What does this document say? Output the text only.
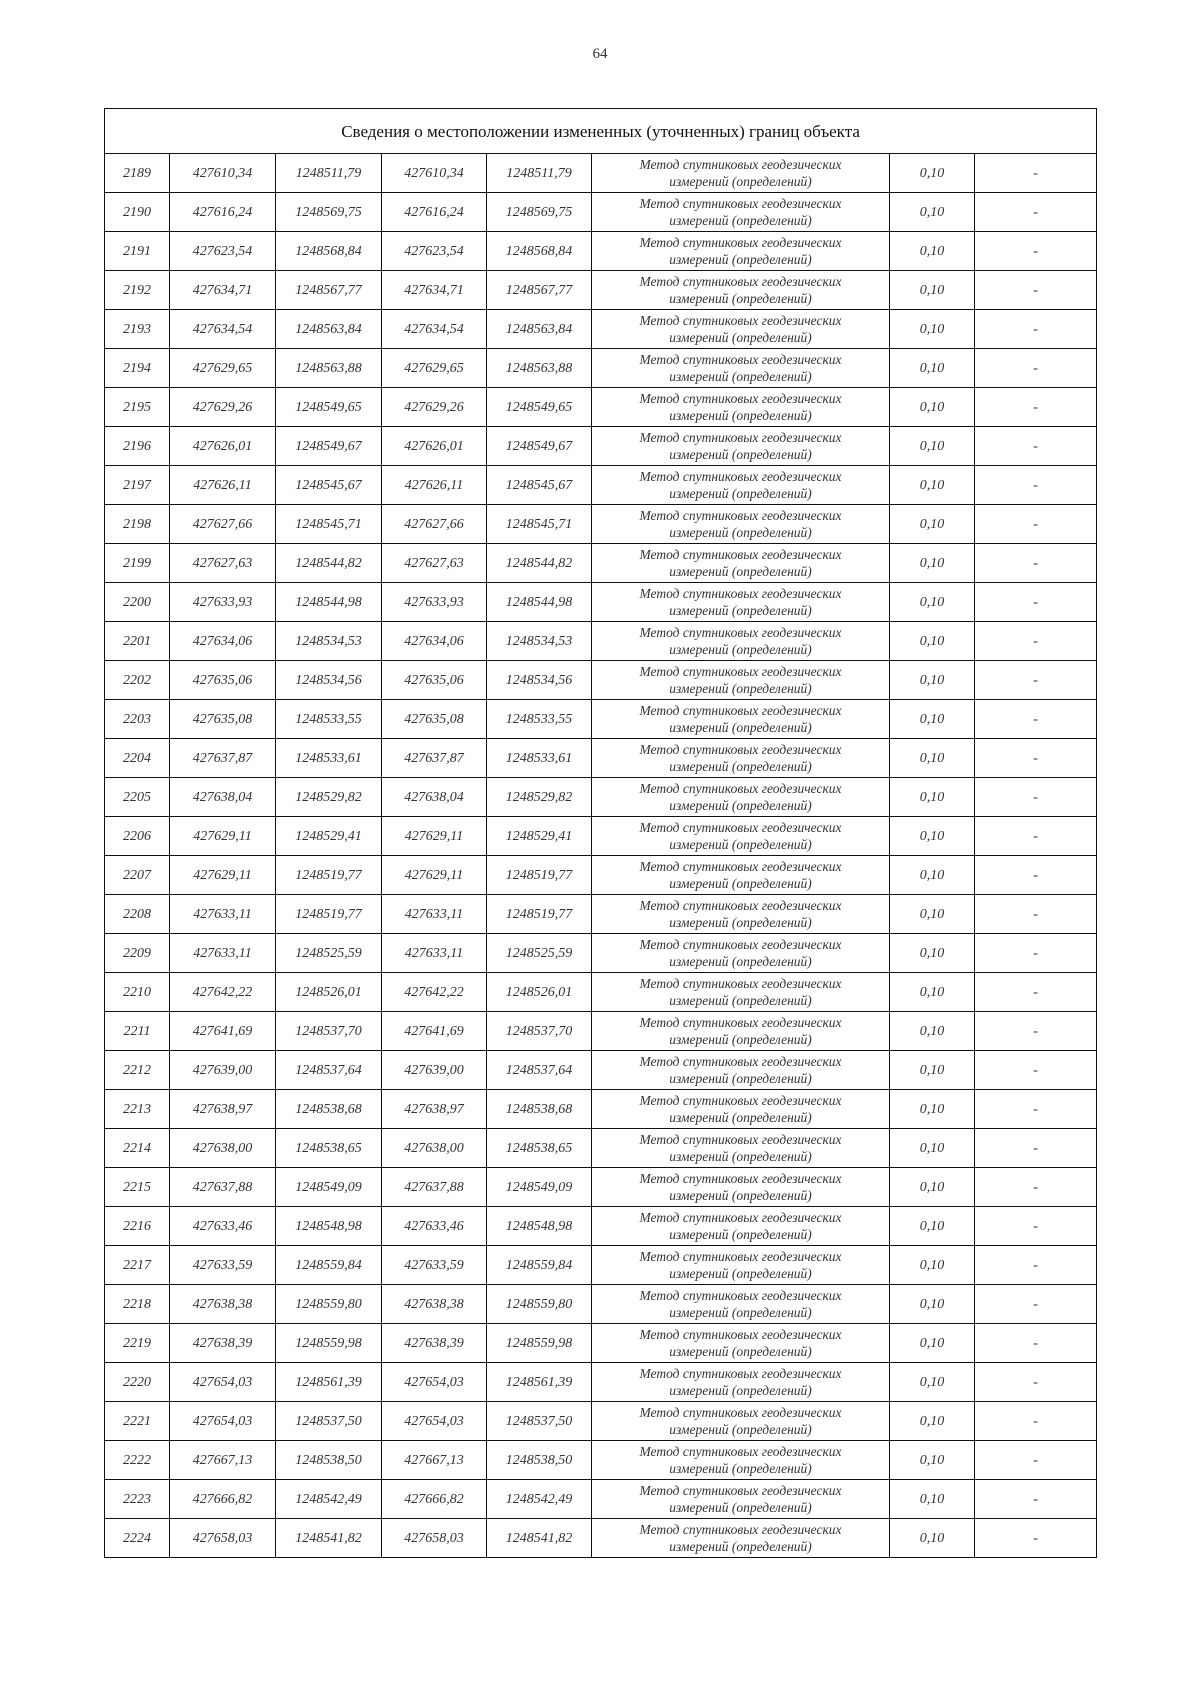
64
Сведения о местоположении измененных (уточненных) границ объекта							
2189	427610,34	1248511,79	427610,34	1248511,79	Метод спутниковых геодезических
измерений (определений)	0,10	-
2190	427616,24	1248569,75	427616,24	1248569,75	Метод спутниковых геодезических
измерений (определений)	0,10	-
2191	427623,54	1248568,84	427623,54	1248568,84	Метод спутниковых геодезических
измерений (определений)	0,10	-
2192	427634,71	1248567,77	427634,71	1248567,77	Метод спутниковых геодезических
измерений (определений)	0,10	-
2193	427634,54	1248563,84	427634,54	1248563,84	Метод спутниковых геодезических
измерений (определений)	0,10	-
2194	427629,65	1248563,88	427629,65	1248563,88	Метод спутниковых геодезических
измерений (определений)	0,10	-
2195	427629,26	1248549,65	427629,26	1248549,65	Метод спутниковых геодезических
измерений (определений)	0,10	-
2196	427626,01	1248549,67	427626,01	1248549,67	Метод спутниковых геодезических
измерений (определений)	0,10	-
2197	427626,11	1248545,67	427626,11	1248545,67	Метод спутниковых геодезических
измерений (определений)	0,10	-
2198	427627,66	1248545,71	427627,66	1248545,71	Метод спутниковых геодезических
измерений (определений)	0,10	-
2199	427627,63	1248544,82	427627,63	1248544,82	Метод спутниковых геодезических
измерений (определений)	0,10	-
2200	427633,93	1248544,98	427633,93	1248544,98	Метод спутниковых геодезических
измерений (определений)	0,10	-
2201	427634,06	1248534,53	427634,06	1248534,53	Метод спутниковых геодезических
измерений (определений)	0,10	-
2202	427635,06	1248534,56	427635,06	1248534,56	Метод спутниковых геодезических
измерений (определений)	0,10	-
2203	427635,08	1248533,55	427635,08	1248533,55	Метод спутниковых геодезических
измерений (определений)	0,10	-
2204	427637,87	1248533,61	427637,87	1248533,61	Метод спутниковых геодезических
измерений (определений)	0,10	-
2205	427638,04	1248529,82	427638,04	1248529,82	Метод спутниковых геодезических
измерений (определений)	0,10	-
2206	427629,11	1248529,41	427629,11	1248529,41	Метод спутниковых геодезических
измерений (определений)	0,10	-
2207	427629,11	1248519,77	427629,11	1248519,77	Метод спутниковых геодезических
измерений (определений)	0,10	-
2208	427633,11	1248519,77	427633,11	1248519,77	Метод спутниковых геодезических
измерений (определений)	0,10	-
2209	427633,11	1248525,59	427633,11	1248525,59	Метод спутниковых геодезических
измерений (определений)	0,10	-
2210	427642,22	1248526,01	427642,22	1248526,01	Метод спутниковых геодезических
измерений (определений)	0,10	-
2211	427641,69	1248537,70	427641,69	1248537,70	Метод спутниковых геодезических
измерений (определений)	0,10	-
2212	427639,00	1248537,64	427639,00	1248537,64	Метод спутниковых геодезических
измерений (определений)	0,10	-
2213	427638,97	1248538,68	427638,97	1248538,68	Метод спутниковых геодезических
измерений (определений)	0,10	-
2214	427638,00	1248538,65	427638,00	1248538,65	Метод спутниковых геодезических
измерений (определений)	0,10	-
2215	427637,88	1248549,09	427637,88	1248549,09	Метод спутниковых геодезических
измерений (определений)	0,10	-
2216	427633,46	1248548,98	427633,46	1248548,98	Метод спутниковых геодезических
измерений (определений)	0,10	-
2217	427633,59	1248559,84	427633,59	1248559,84	Метод спутниковых геодезических
измерений (определений)	0,10	-
2218	427638,38	1248559,80	427638,38	1248559,80	Метод спутниковых геодезических
измерений (определений)	0,10	-
2219	427638,39	1248559,98	427638,39	1248559,98	Метод спутниковых геодезических
измерений (определений)	0,10	-
2220	427654,03	1248561,39	427654,03	1248561,39	Метод спутниковых геодезических
измерений (определений)	0,10	-
2221	427654,03	1248537,50	427654,03	1248537,50	Метод спутниковых геодезических
измерений (определений)	0,10	-
2222	427667,13	1248538,50	427667,13	1248538,50	Метод спутниковых геодезических
измерений (определений)	0,10	-
2223	427666,82	1248542,49	427666,82	1248542,49	Метод спутниковых геодезических
измерений (определений)	0,10	-
2224	427658,03	1248541,82	427658,03	1248541,82	Метод спутниковых геодезических
измерений (определений)	0,10	-
